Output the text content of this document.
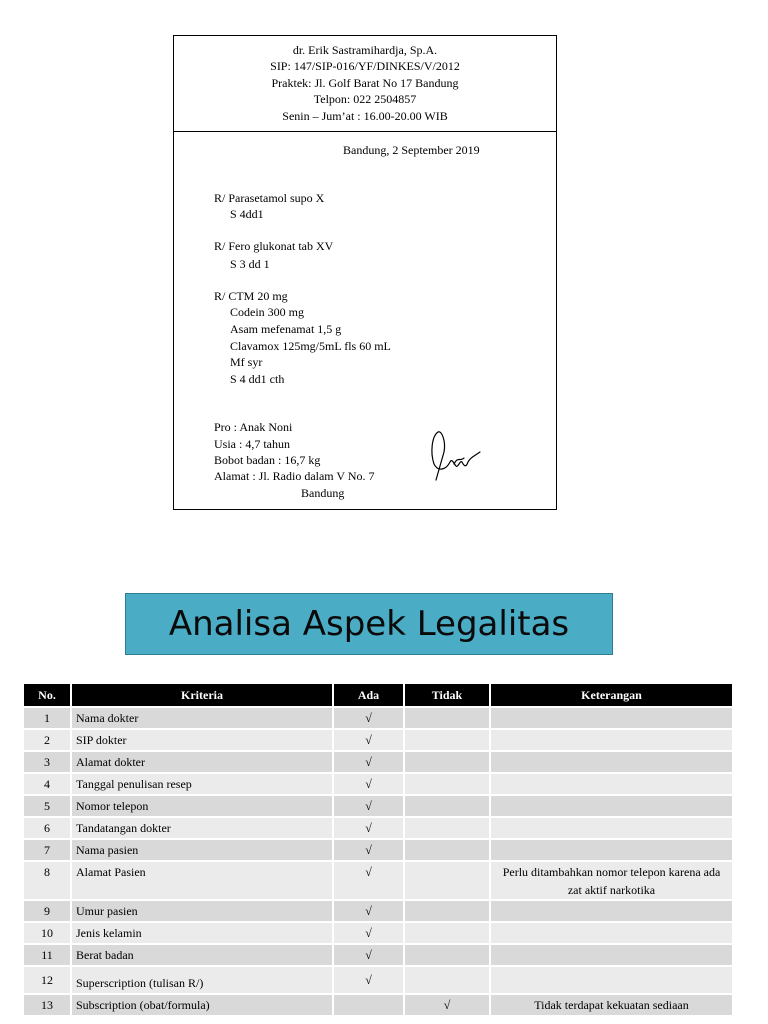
dr. Erik Sastramihardja, Sp.A.
SIP: 147/SIP-016/YF/DINKES/V/2012
Praktek: Jl. Golf Barat No 17 Bandung
Telpon: 022 2504857
Senin – Jum’at : 16.00-20.00 WIB
Bandung, 2 September 2019
R/ Parasetamol supo X
S 4dd1
R/ Fero glukonat tab XV
S 3 dd 1
R/ CTM 20 mg
Codein 300 mg
Asam mefenamat 1,5 g
Clavamox 125mg/5mL fls 60 mL
Mf syr
S 4 dd1 cth
Pro : Anak Noni
Usia : 4,7 tahun
Bobot badan : 16,7 kg
Alamat : Jl. Radio dalam V No. 7
Bandung
Analisa Aspek Legalitas
No.	Kriteria	Ada	Tidak	Keterangan
1	Nama dokter	√		
2	SIP dokter	√		
3	Alamat dokter	√		
4	Tanggal penulisan resep	√		
5	Nomor telepon	√		
6	Tandatangan dokter	√		
7	Nama pasien	√		
8	Alamat Pasien	√		Perlu ditambahkan nomor telepon karena ada zat aktif narkotika
9	Umur pasien	√		
10	Jenis kelamin	√		
11	Berat badan	√		
12	Superscription (tulisan R/)	√		
13	Subscription (obat/formula)		√	Tidak terdapat kekuatan sediaan
